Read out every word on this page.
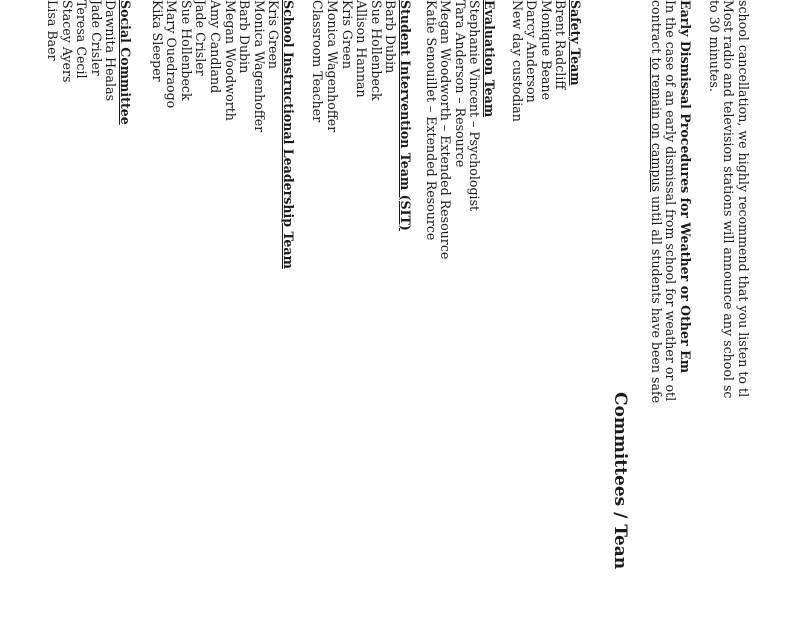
school cancellation, we highly recommend that you listen to tl
Most radio and television stations will announce any school sc
to 30 minutes.
Early Dismissal Procedures for Weather or Other Em
In the case of an early dismissal from school for weather or otl
contract to remain on campus until all students have been safe
Committees / Tean
Safety Team
Brent Radcliff
Monique Beane
Darcy Anderson
New day custodian
Evaluation Team
Stephanie Vincent – Psychologist
Tara Anderson – Resource
Megan Woodworth – Extended Resource
Katie Senouillet – Extended Resource
Student Intervention Team (SIT)
Barb Dubin
Sue Hollenbeck
Allison Hannan
Kris Green
Monica Wagenhoffer
Classroom Teacher
School Instructional Leadership Team
Kris Green
Monica Wagenhoffer
Barb Dubin
Megan Woodworth
Amy Candland
Jade Crisler
Sue Hollenbeck
Mary Ouedraogo
Kika Sleeper
Social Committee
Dawnita Healas
Jade Crisler
Teresa Cecil
Stacey Ayers
Lisa Baer
